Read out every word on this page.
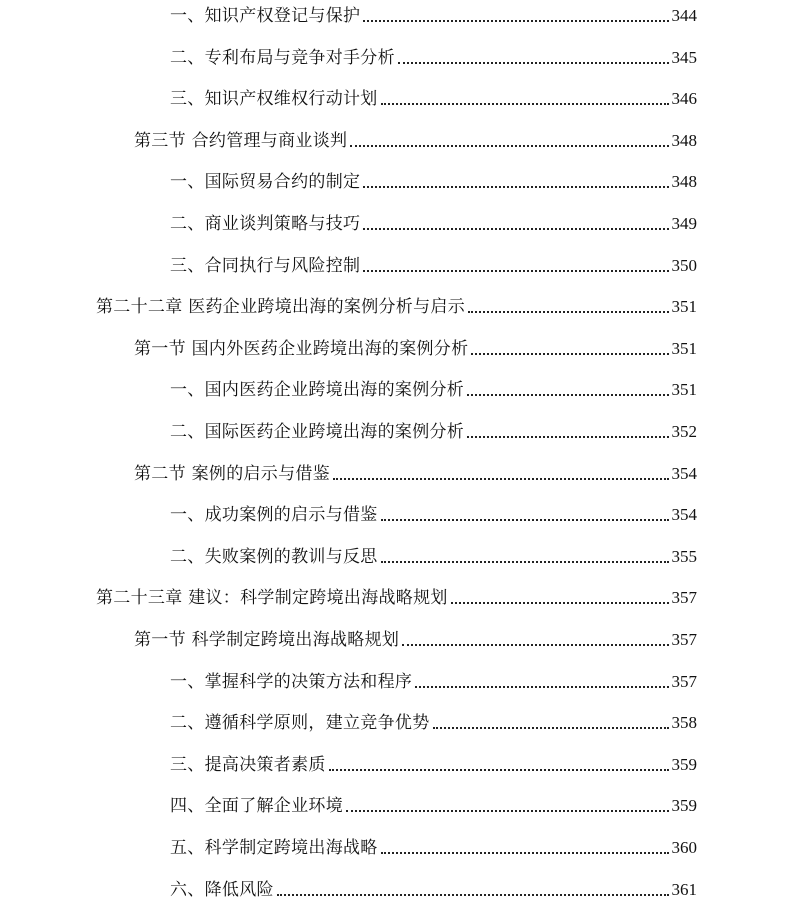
一、知识产权登记与保护	344
二、专利布局与竞争对手分析	345
三、知识产权维权行动计划	346
第三节 合约管理与商业谈判	348
一、国际贸易合约的制定	348
二、商业谈判策略与技巧	349
三、合同执行与风险控制	350
第二十二章 医药企业跨境出海的案例分析与启示	351
第一节 国内外医药企业跨境出海的案例分析	351
一、国内医药企业跨境出海的案例分析	351
二、国际医药企业跨境出海的案例分析	352
第二节 案例的启示与借鉴	354
一、成功案例的启示与借鉴	354
二、失败案例的教训与反思	355
第二十三章 建议：科学制定跨境出海战略规划	357
第一节 科学制定跨境出海战略规划	357
一、掌握科学的决策方法和程序	357
二、遵循科学原则，建立竞争优势	358
三、提高决策者素质	359
四、全面了解企业环境	359
五、科学制定跨境出海战略	360
六、降低风险	361
